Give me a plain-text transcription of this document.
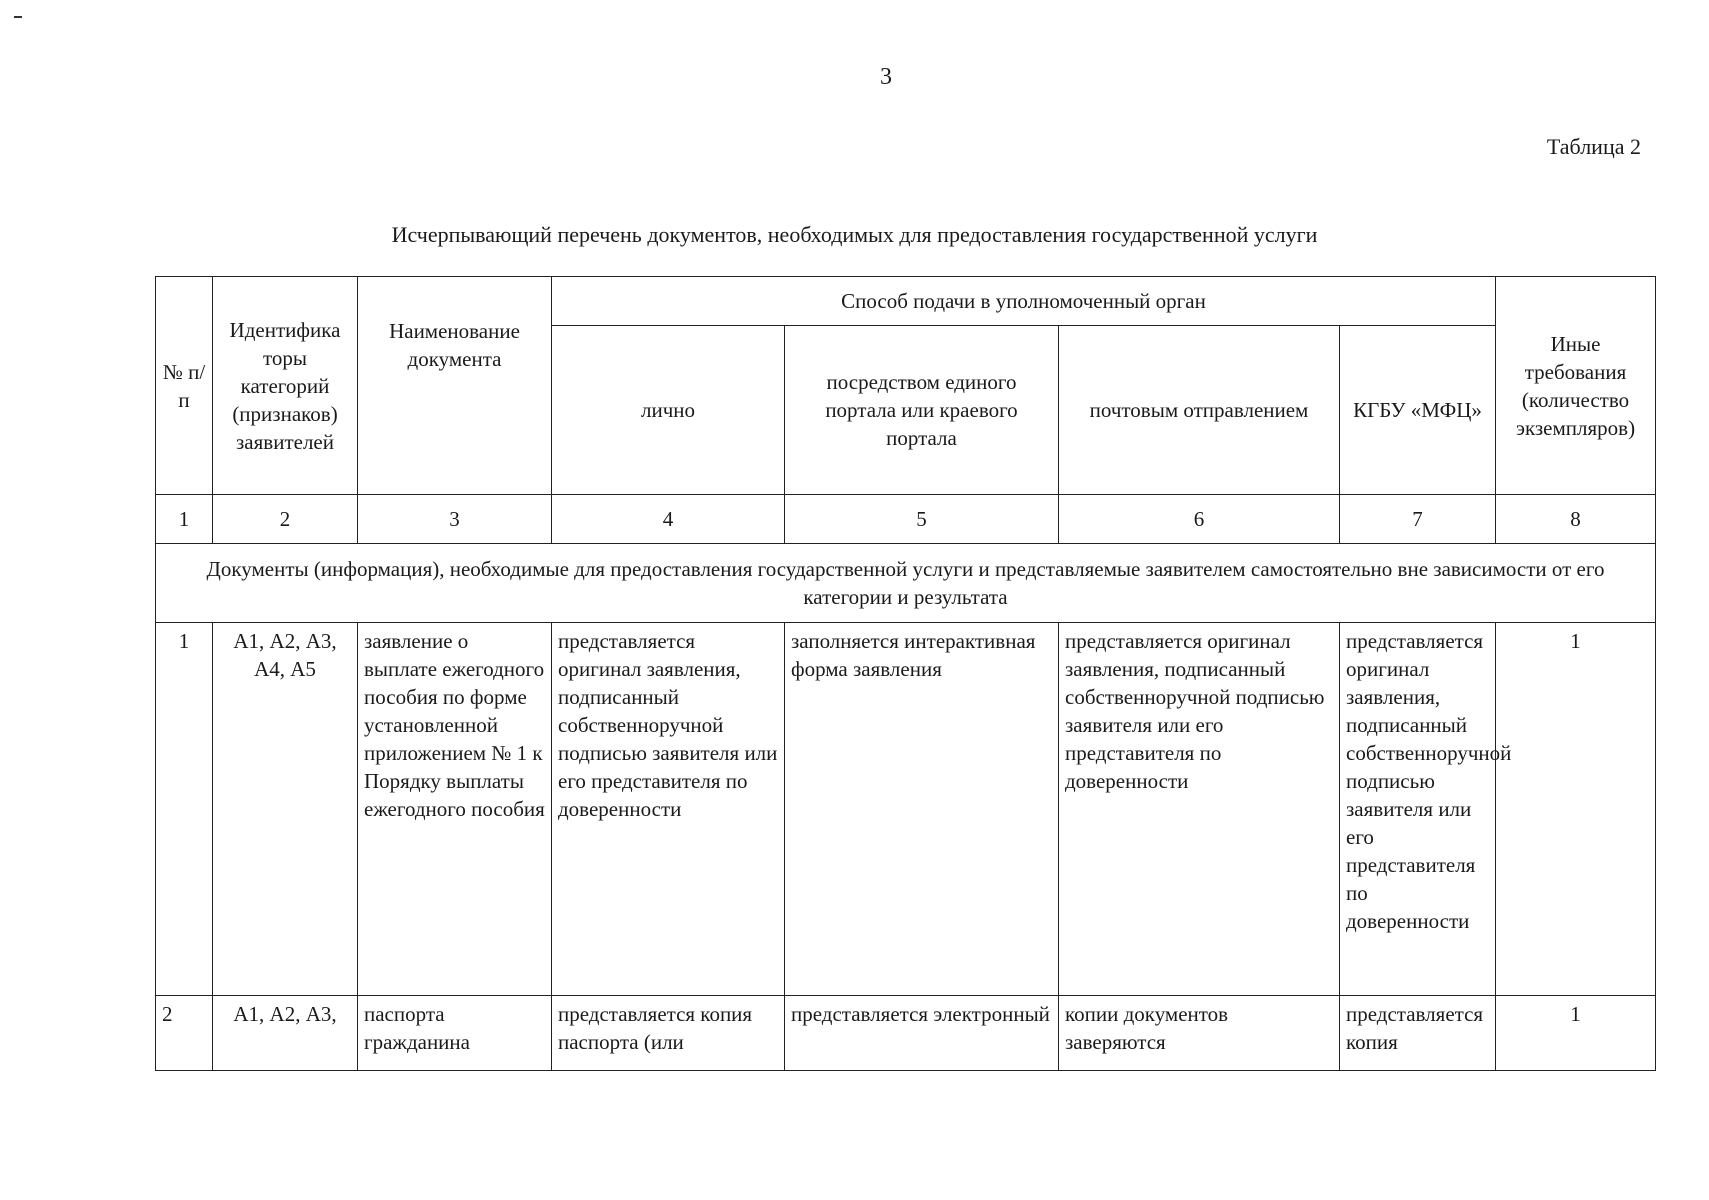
3
Таблица 2
Исчерпывающий перечень документов, необходимых для предоставления государственной услуги
№ п/п	Идентифика торы категорий (признаков) заявителей	Наименование документа	Способ подачи в уполномоченный орган				Иные требования (количество экземпляров)
			лично	посредством единого портала или краевого портала	почтовым отправлением	КГБУ «МФЦ»	
1	2	3	4	5	6	7	8
Документы (информация), необходимые для предоставления государственной услуги и представляемые заявителем самостоятельно вне зависимости от его категории и результата							
1	А1, А2, А3, А4, А5	заявление о выплате ежегодного пособия по форме установленной приложением № 1 к Порядку выплаты ежегодного пособия	представляется оригинал заявления, подписанный собственноручной подписью заявителя или его представителя по доверенности	заполняется интерактивная форма заявления	представляется оригинал заявления, подписанный собственноручной подписью заявителя или его представителя по доверенности	представляется оригинал заявления, подписанный собственноручной подписью заявителя или его представителя по доверенности	1
2	А1, А2, А3,	паспорта гражданина	представляется копия паспорта (или	представляется электронный	копии документов заверяются	представляется копия	1
